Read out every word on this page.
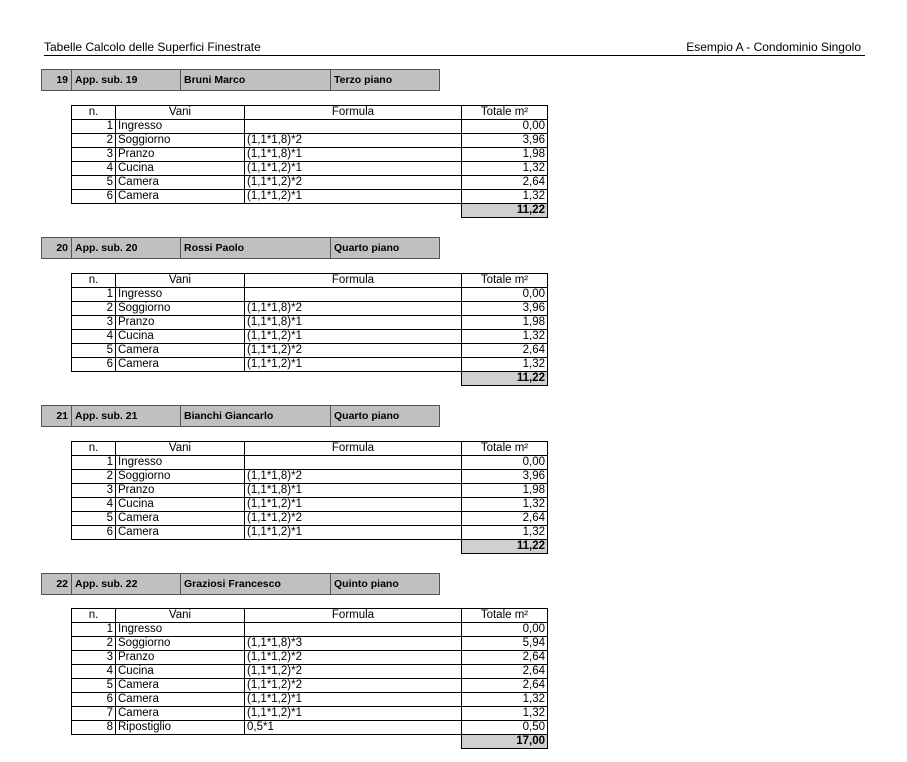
Tabelle Calcolo delle Superfici Finestrate	Esempio A - Condominio Singolo
19 App. sub. 19	Bruni Marco	Terzo piano
n.	Vani	Formula	Totale m²
1	Ingresso		0,00
2	Soggiorno	(1,1*1,8)*2	3,96
3	Pranzo	(1,1*1,8)*1	1,98
4	Cucina	(1,1*1,2)*1	1,32
5	Camera	(1,1*1,2)*2	2,64
6	Camera	(1,1*1,2)*1	1,32
			11,22
20 App. sub. 20	Rossi Paolo	Quarto piano
n.	Vani	Formula	Totale m²
1	Ingresso		0,00
2	Soggiorno	(1,1*1,8)*2	3,96
3	Pranzo	(1,1*1,8)*1	1,98
4	Cucina	(1,1*1,2)*1	1,32
5	Camera	(1,1*1,2)*2	2,64
6	Camera	(1,1*1,2)*1	1,32
			11,22
21 App. sub. 21	Bianchi Giancarlo	Quarto piano
n.	Vani	Formula	Totale m²
1	Ingresso		0,00
2	Soggiorno	(1,1*1,8)*2	3,96
3	Pranzo	(1,1*1,8)*1	1,98
4	Cucina	(1,1*1,2)*1	1,32
5	Camera	(1,1*1,2)*2	2,64
6	Camera	(1,1*1,2)*1	1,32
			11,22
22 App. sub. 22	Graziosi Francesco	Quinto piano
n.	Vani	Formula	Totale m²
1	Ingresso		0,00
2	Soggiorno	(1,1*1,8)*3	5,94
3	Pranzo	(1,1*1,2)*2	2,64
4	Cucina	(1,1*1,2)*2	2,64
5	Camera	(1,1*1,2)*2	2,64
6	Camera	(1,1*1,2)*1	1,32
7	Camera	(1,1*1,2)*1	1,32
8	Ripostiglio	0,5*1	0,50
			17,00
